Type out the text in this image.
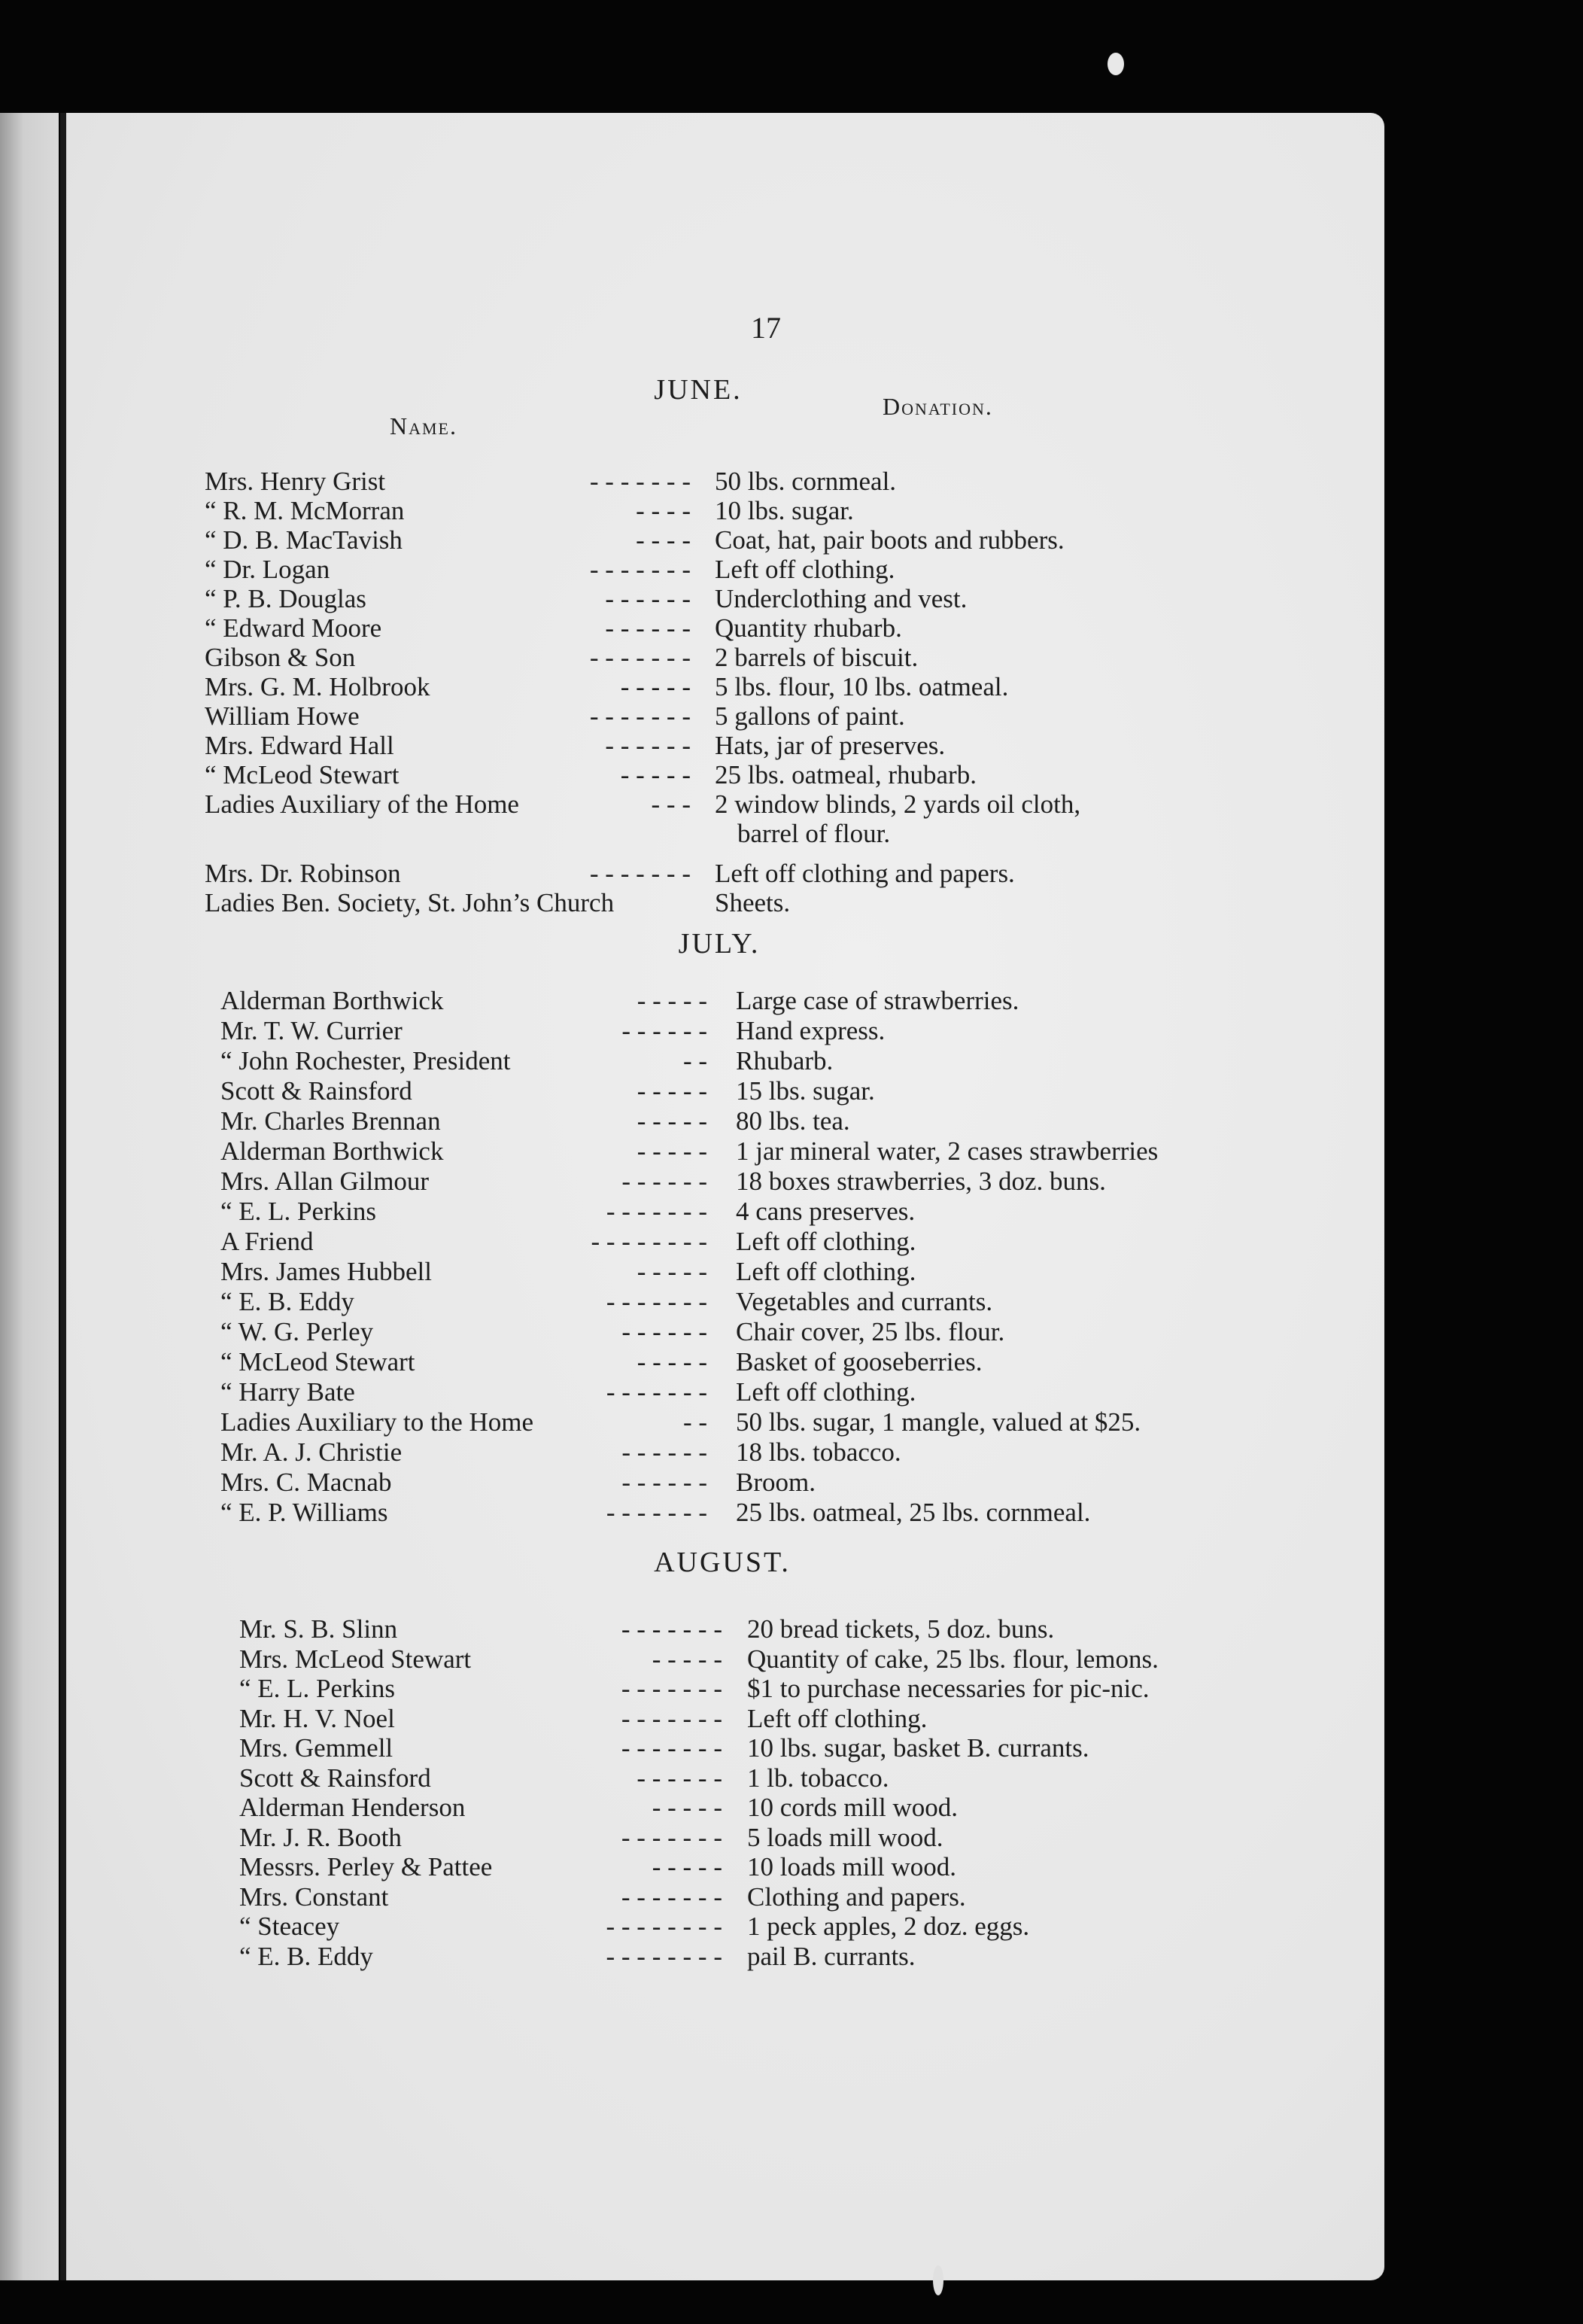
17
Name.
Donation.
JUNE.
Mrs. Henry Grist	- - - - - - - 50 lbs. cornmeal.
“ R. M. McMorran	- - - - 10 lbs. sugar.
“ D. B. MacTavish	- - - - Coat, hat, pair boots and rubbers.
“ Dr. Logan	- - - - - - - Left off clothing.
“ P. B. Douglas	- - - - - - Underclothing and vest.
“ Edward Moore	- - - - - - Quantity rhubarb.
Gibson & Son	- - - - - - - 2 barrels of biscuit.
Mrs. G. M. Holbrook	- - - - - 5 lbs. flour, 10 lbs. oatmeal.
William Howe	- - - - - - - 5 gallons of paint.
Mrs. Edward Hall	- - - - - - Hats, jar of preserves.
“ McLeod Stewart	- - - - - 25 lbs. oatmeal, rhubarb.
Ladies Auxiliary of the Home	- - - 2 window blinds, 2 yards oil cloth,
barrel of flour.
Mrs. Dr. Robinson	- - - - - - - Left off clothing and papers.
Ladies Ben. Society, St. John’s Church	Sheets.
JULY.
Alderman Borthwick	- - - - - Large case of strawberries.
Mr. T. W. Currier	- - - - - - Hand express.
“ John Rochester, President	- - Rhubarb.
Scott & Rainsford	- - - - - 15 lbs. sugar.
Mr. Charles Brennan	- - - - - 80 lbs. tea.
Alderman Borthwick	- - - - - 1 jar mineral water, 2 cases strawberries
Mrs. Allan Gilmour	- - - - - - 18 boxes strawberries, 3 doz. buns.
“ E. L. Perkins	- - - - - - - 4 cans preserves.
A Friend	- - - - - - - - Left off clothing.
Mrs. James Hubbell	- - - - - Left off clothing.
“ E. B. Eddy	- - - - - - - Vegetables and currants.
“ W. G. Perley	- - - - - - Chair cover, 25 lbs. flour.
“ McLeod Stewart	- - - - - Basket of gooseberries.
“ Harry Bate	- - - - - - - Left off clothing.
Ladies Auxiliary to the Home	- - 50 lbs. sugar, 1 mangle, valued at $25.
Mr. A. J. Christie	- - - - - - 18 lbs. tobacco.
Mrs. C. Macnab	- - - - - - Broom.
“ E. P. Williams	- - - - - - - 25 lbs. oatmeal, 25 lbs. cornmeal.
AUGUST.
Mr. S. B. Slinn	- - - - - - - 20 bread tickets, 5 doz. buns.
Mrs. McLeod Stewart	- - - - - Quantity of cake, 25 lbs. flour, lemons.
“ E. L. Perkins	- - - - - - - $1 to purchase necessaries for pic-nic.
Mr. H. V. Noel	- - - - - - - Left off clothing.
Mrs. Gemmell	- - - - - - - 10 lbs. sugar, basket B. currants.
Scott & Rainsford	- - - - - - 1 lb. tobacco.
Alderman Henderson	- - - - - 10 cords mill wood.
Mr. J. R. Booth	- - - - - - - 5 loads mill wood.
Messrs. Perley & Pattee	- - - - - 10 loads mill wood.
Mrs. Constant	- - - - - - - Clothing and papers.
“ Steacey	- - - - - - - - 1 peck apples, 2 doz. eggs.
“ E. B. Eddy	- - - - - - - - pail B. currants.
